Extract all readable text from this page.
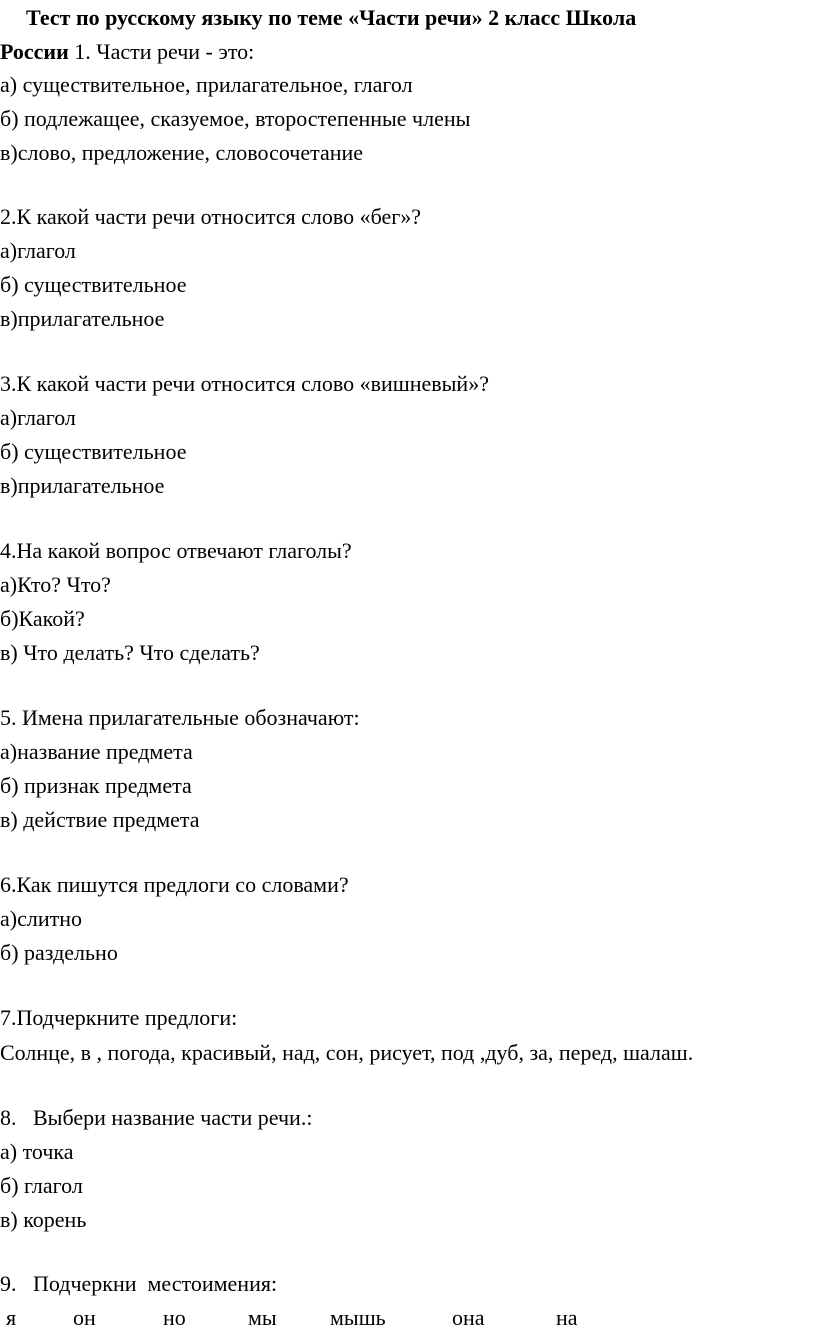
Тест по русскому языку по теме «Части речи» 2 класс Школа
России 1. Части речи - это:
а) существительное, прилагательное, глагол
б) подлежащее, сказуемое, второстепенные члены
в)слово, предложение, словосочетание
2.К какой части речи относится слово «бег»?
а)глагол
б) существительное
в)прилагательное
3.К какой части речи относится слово «вишневый»?
а)глагол
б) существительное
в)прилагательное
4.На какой вопрос отвечают глаголы?
а)Кто? Что?
б)Какой?
в) Что делать? Что сделать?
5. Имена прилагательные обозначают:
а)название предмета
б) признак предмета
в) действие предмета
6.Как пишутся предлоги со словами?
а)слитно
б) раздельно
7.Подчеркните предлоги:
Солнце, в , погода, красивый, над, сон, рисует, под ,дуб, за, перед, шалаш.
8.   Выбери название части речи.:
а) точка
б) глагол
в) корень
9.   Подчеркни  местоимения:
я	он	но	мы мышь	она	на
